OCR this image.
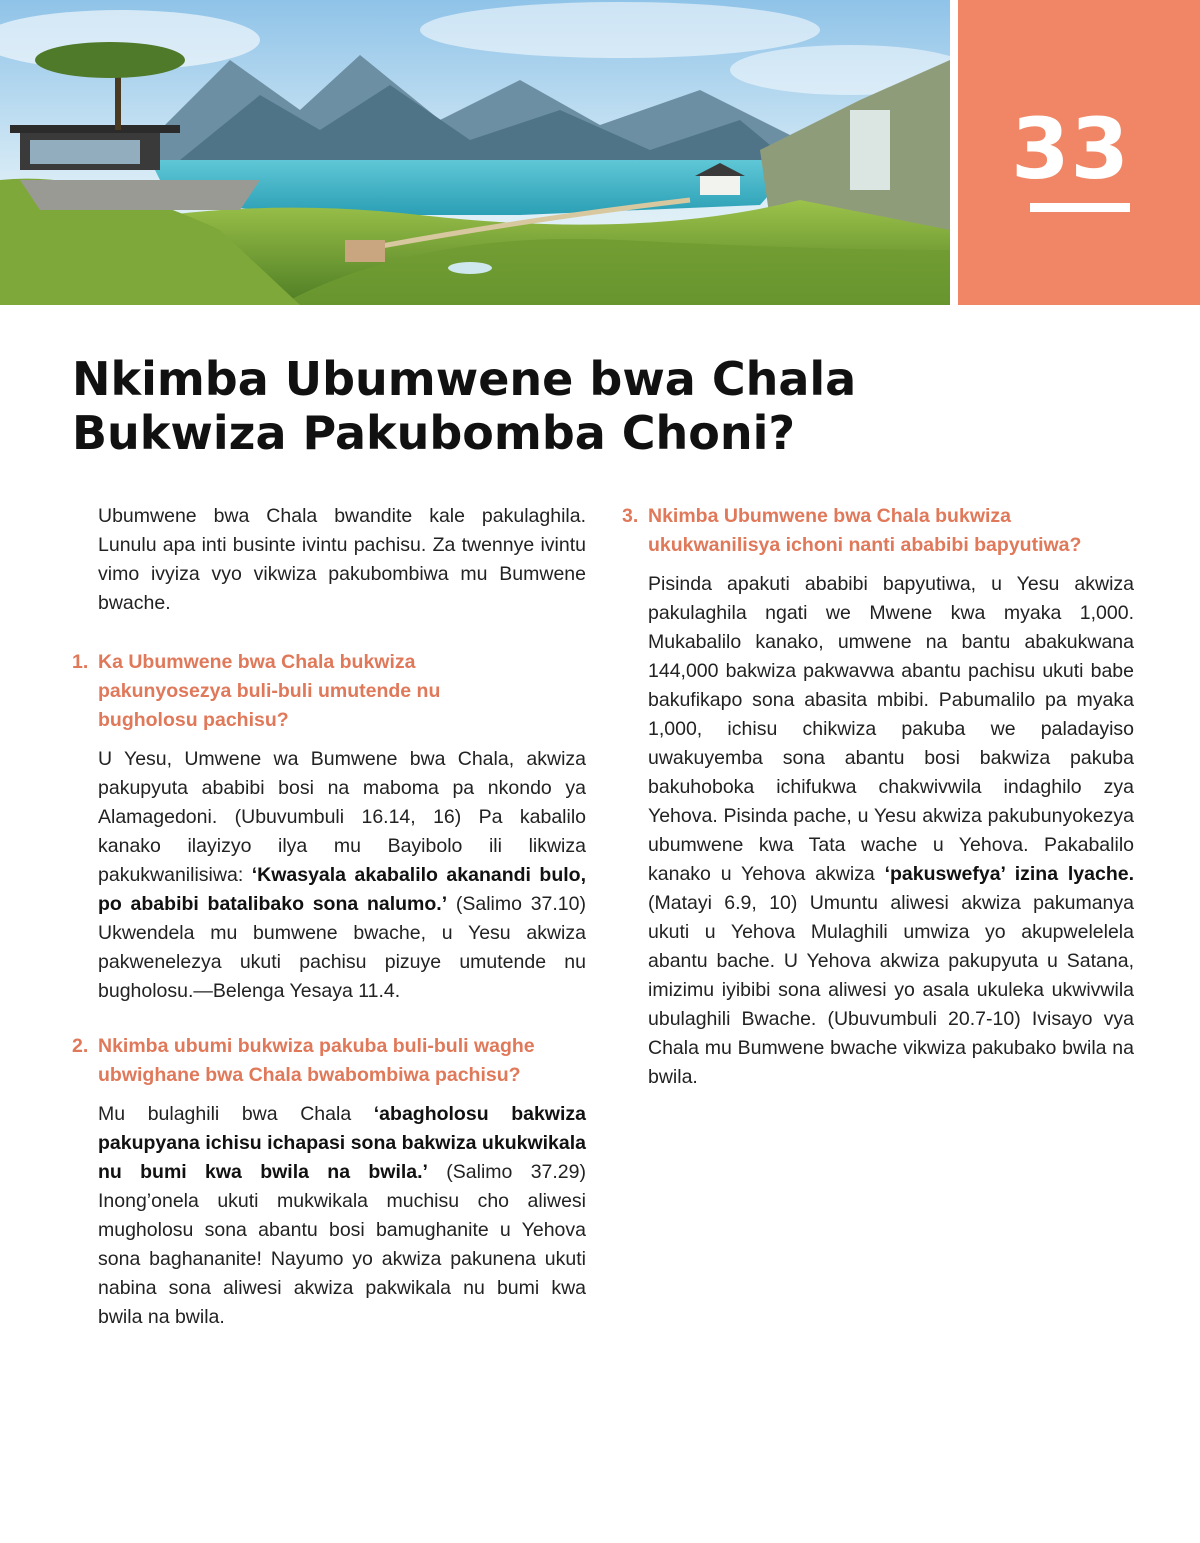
33
Nkimba Ubumwene bwa Chala
Bukwiza Pakubomba Choni?

Ubumwene bwa Chala bwandite kale pakulaghila. Lunulu apa inti businte ivintu pachisu. Za twennye ivintu vimo ivyiza vyo vikwiza pakubombiwa mu Bumwene bwache.

1. Ka Ubumwene bwa Chala bukwiza pakunyosezya buli-buli umutende nu bugholosu pachisu?

U Yesu, Umwene wa Bumwene bwa Chala, akwiza pakupyuta ababibi bosi na maboma pa nkondo ya Alamagedoni. (Ubuvumbuli 16.14, 16) Pa kabalilo kanako ilayizyo ilya mu Bayibolo ili likwiza pakukwanilisiwa: ‘Kwasyala akabalilo akanandi bulo, po ababibi batalibako sona nalumo.’ (Salimo 37.10) Ukwendela mu bumwene bwache, u Yesu akwiza pakwenelezya ukuti pachisu pizuye umutende nu bugholosu.—Belenga Yesaya 11.4.

2. Nkimba ubumi bukwiza pakuba buli-buli waghe ubwighane bwa Chala bwabombiwa pachisu?

Mu bulaghili bwa Chala ‘abagholosu bakwiza pakupyana ichisu ichapasi sona bakwiza ukukwikala nu bumi kwa bwila na bwila.’ (Salimo 37.29) Inong’onela ukuti mukwikala muchisu cho aliwesi mugholosu sona abantu bosi bamughanite u Yehova sona baghananite! Nayumo yo akwiza pakunena ukuti nabina sona aliwesi akwiza pakwikala nu bumi kwa bwila na bwila.

3. Nkimba Ubumwene bwa Chala bukwiza ukukwanilisya ichoni nanti ababibi bapyutiwa?

Pisinda apakuti ababibi bapyutiwa, u Yesu akwiza pakulaghila ngati we Mwene kwa myaka 1,000. Mukabalilo kanako, umwene na bantu abakukwana 144,000 bakwiza pakwavwa abantu pachisu ukuti babe bakufikapo sona abasita mbibi. Pabumalilo pa myaka 1,000, ichisu chikwiza pakuba we paladayiso uwakuyemba sona abantu bosi bakwiza pakuba bakuhoboka ichifukwa chakwivwila indaghilo zya Yehova. Pisinda pache, u Yesu akwiza pakubunyokezya ubumwene kwa Tata wache u Yehova. Pakabalilo kanako u Yehova akwiza ‘pakuswefya’ izina lyache. (Matayi 6.9, 10) Umuntu aliwesi akwiza pakumanya ukuti u Yehova Mulaghili umwiza yo akupwelelela abantu bache. U Yehova akwiza pakupyuta u Satana, imizimu iyibibi sona aliwesi yo asala ukuleka ukwivwila ubulaghili Bwache. (Ubuvumbuli 20.7-10) Ivisayo vya Chala mu Bumwene bwache vikwiza pakubako bwila na bwila.
